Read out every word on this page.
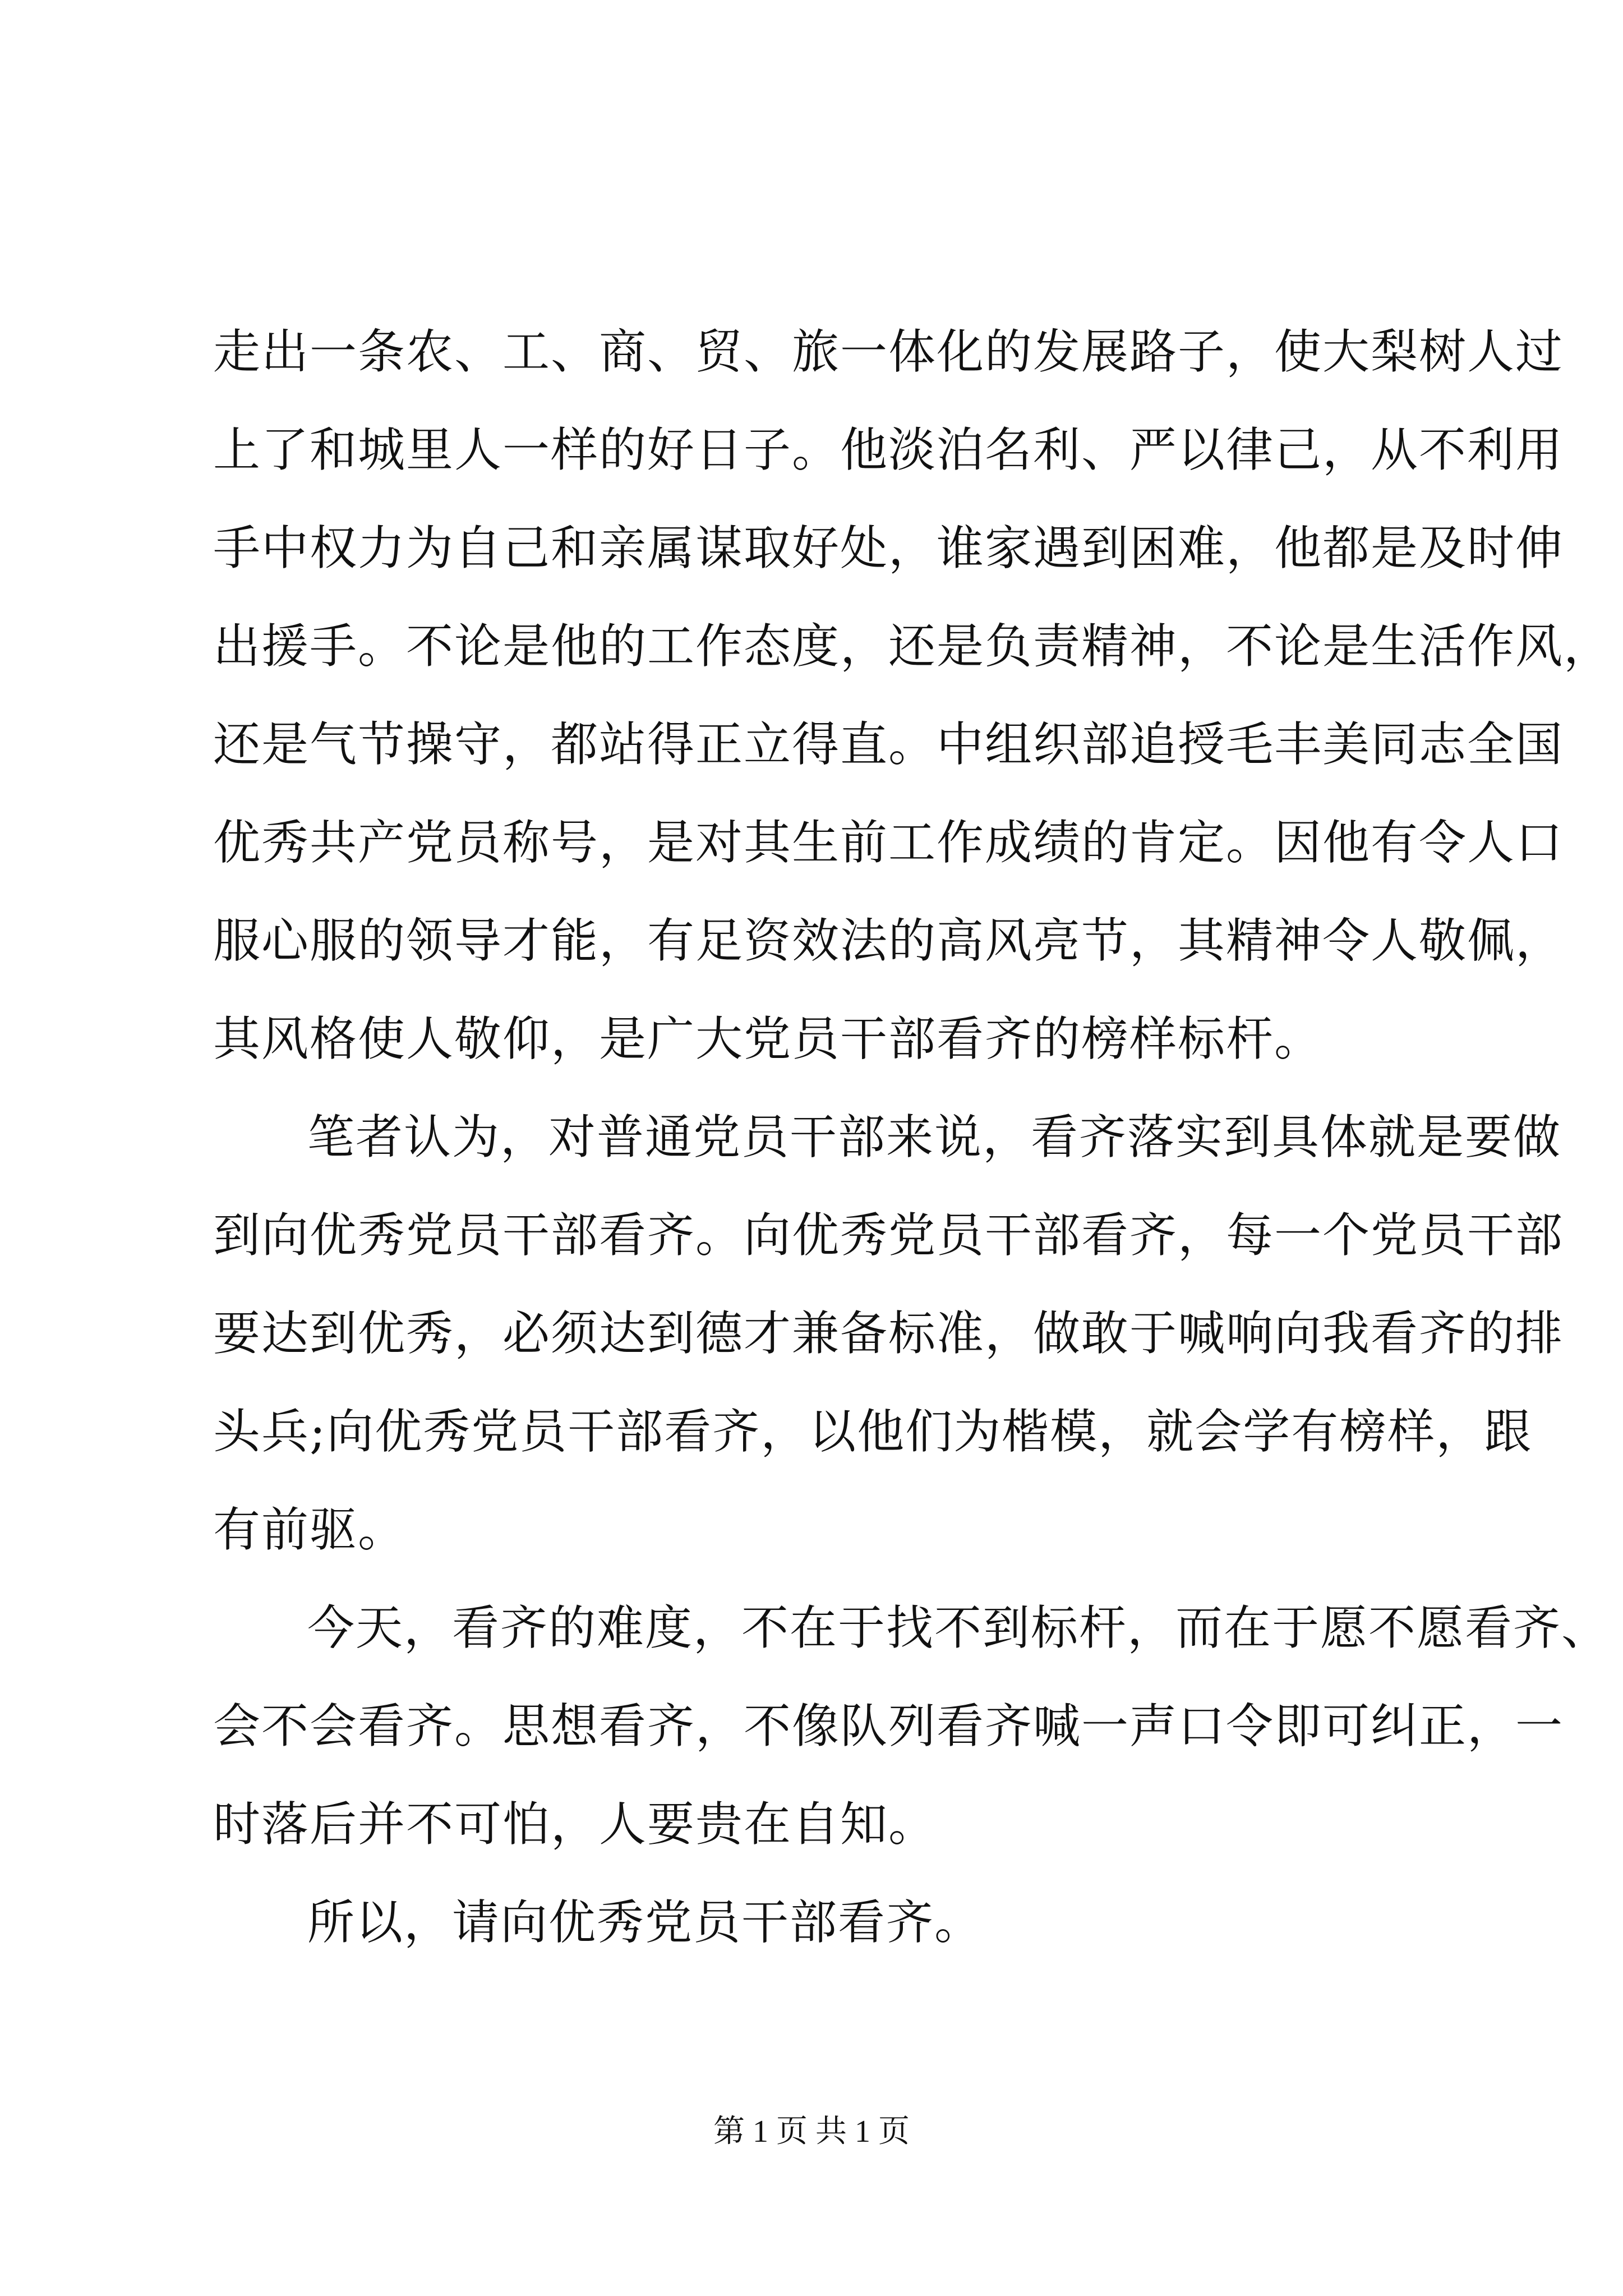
走出一条农、工、商、贸、旅一体化的发展路子，使大梨树人过
上了和城里人一样的好日子。他淡泊名利、严以律己，从不利用
手中权力为自己和亲属谋取好处，谁家遇到困难，他都是及时伸
出援手。不论是他的工作态度，还是负责精神，不论是生活作风，
还是气节操守，都站得正立得直。中组织部追授毛丰美同志全国
优秀共产党员称号，是对其生前工作成绩的肯定。因他有令人口
服心服的领导才能，有足资效法的高风亮节，其精神令人敬佩，
其风格使人敬仰，是广大党员干部看齐的榜样标杆。
笔者认为，对普通党员干部来说，看齐落实到具体就是要做
到向优秀党员干部看齐。向优秀党员干部看齐，每一个党员干部
要达到优秀，必须达到德才兼备标准，做敢于喊响向我看齐的排
头兵;向优秀党员干部看齐，以他们为楷模，就会学有榜样，跟
有前驱。
今天，看齐的难度，不在于找不到标杆，而在于愿不愿看齐、
会不会看齐。思想看齐，不像队列看齐喊一声口令即可纠正，一
时落后并不可怕，人要贵在自知。
所以，请向优秀党员干部看齐。
第 1 页 共 1 页
